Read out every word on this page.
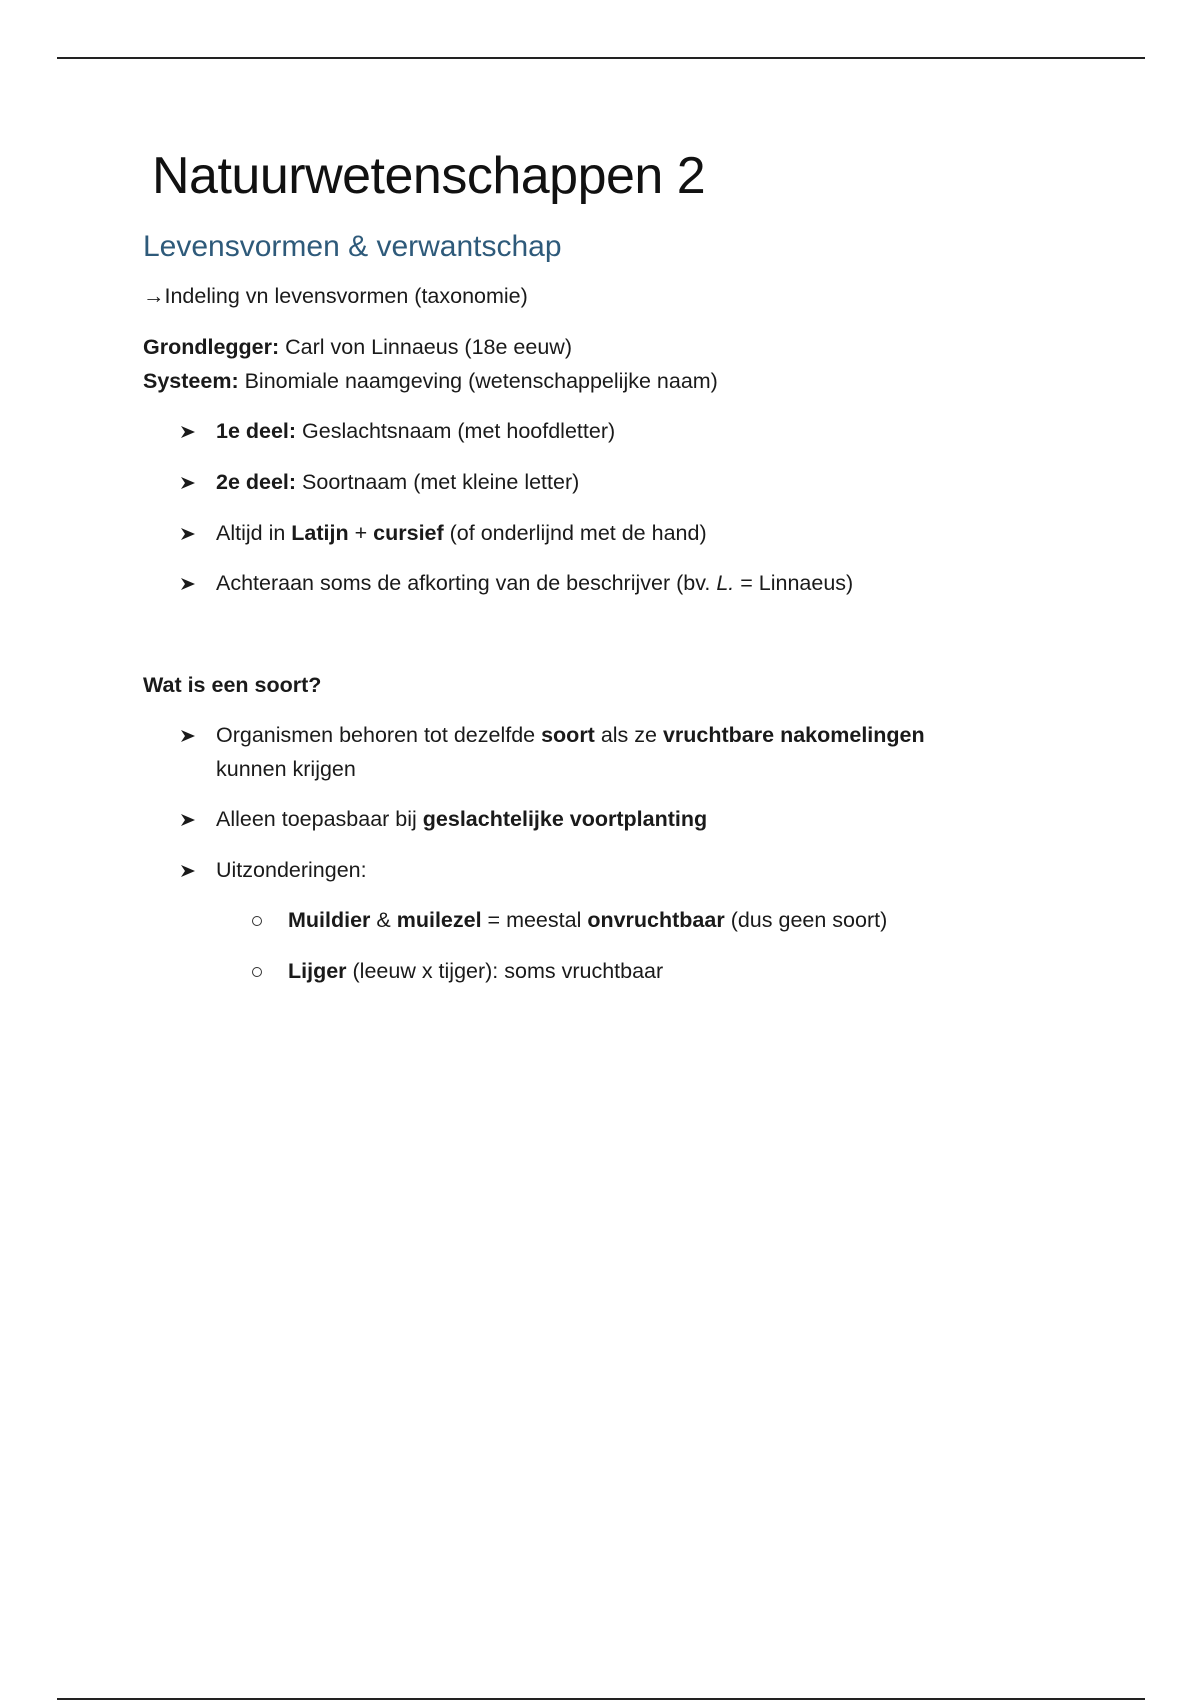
Natuurwetenschappen 2
Levensvormen & verwantschap

→Indeling vn levensvormen (taxonomie)

Grondlegger: Carl von Linnaeus (18e eeuw)

Systeem: Binomiale naamgeving (wetenschappelijke naam)

1e deel: Geslachtsnaam (met hoofdletter)
2e deel: Soortnaam (met kleine letter)
Altijd in Latijn + cursief (of onderlijnd met de hand)
Achteraan soms de afkorting van de beschrijver (bv. L. = Linnaeus)

Wat is een soort?

Organismen behoren tot dezelfde soort als ze vruchtbare nakomelingen
kunnen krijgen
Alleen toepasbaar bij geslachtelijke voortplanting
Uitzonderingen:
Muildier & muilezel = meestal onvruchtbaar (dus geen soort)
Lijger (leeuw x tijger): soms vruchtbaar
